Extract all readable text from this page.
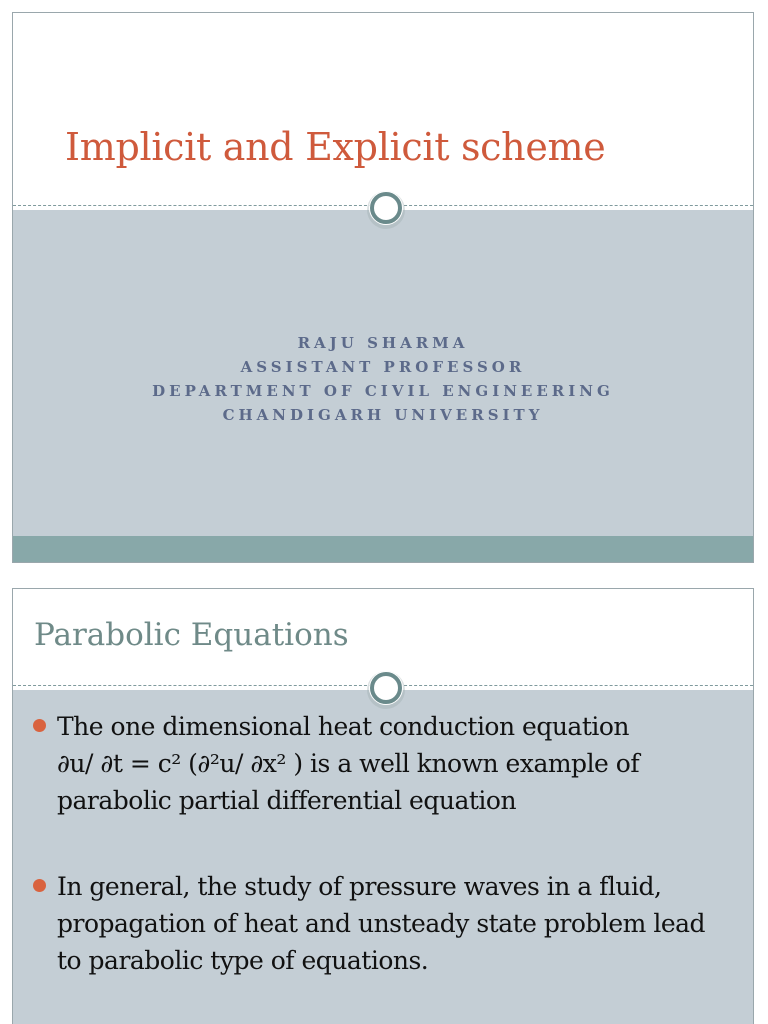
Implicit and Explicit scheme

RAJU SHARMA

ASSISTANT PROFESSOR

DEPARTMENT OF CIVIL ENGINEERING

CHANDIGARH UNIVERSITY

Parabolic Equations

The one dimensional heat conduction equation
∂u/ ∂t = c² (∂²u/ ∂x² ) is a well known example of
parabolic partial differential equation

In general, the study of pressure waves in a fluid,
propagation of heat and unsteady state problem lead
to parabolic type of equations.
